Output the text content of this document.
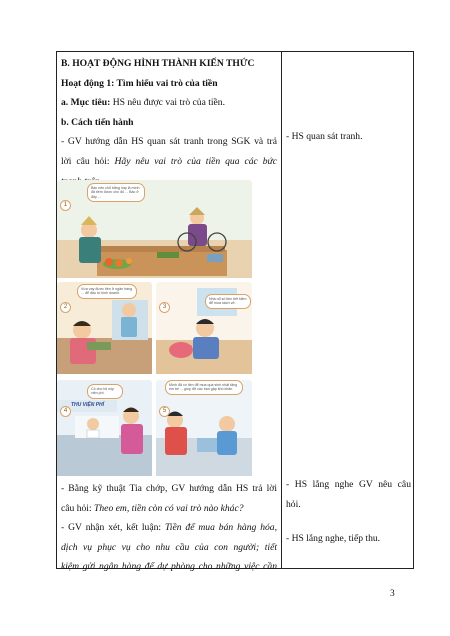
B. HOẠT ĐỘNG HÌNH THÀNH KIẾN THỨC
Hoạt động 1: Tìm hiểu vai trò của tiền
a. Mục tiêu: HS nêu được vai trò của tiền.
b. Cách tiến hành
- GV hướng dẫn HS quan sát tranh trong SGK và trả
lời câu hỏi: Hãy nêu vai trò của tiền qua các bức
1
2	3
4	5
Bác nên chỗ bằng này là mình đã tiêm được cho đủ ... Bác ở đây ...
Vừa vay được tiền ở ngân hàng ... để đầu tư kinh doanh.
Nhà nổ số tiền tiết kiệm để mua sách vở.
Cô cho tôi nộp viện phí.
Mình đã có tiền để mua quà sinh nhật tặng em bé ... giúp đỡ các bạn gặp khó khăn.
THU VIỆN PHÍ
- Bằng kỹ thuật Tia chớp, GV hướng dẫn HS trả lời
câu hỏi: Theo em, tiền còn có vai trò nào khác?
- GV nhận xét, kết luận: Tiền để mua bán hàng hóa,
dịch vụ phục vụ cho nhu cầu của con người; tiết
kiệm gửi ngân hàng để dự phòng cho những việc cần
- HS quan sát tranh.
- HS lắng nghe GV nêu câu
hỏi.
- HS lắng nghe, tiếp thu.
3
